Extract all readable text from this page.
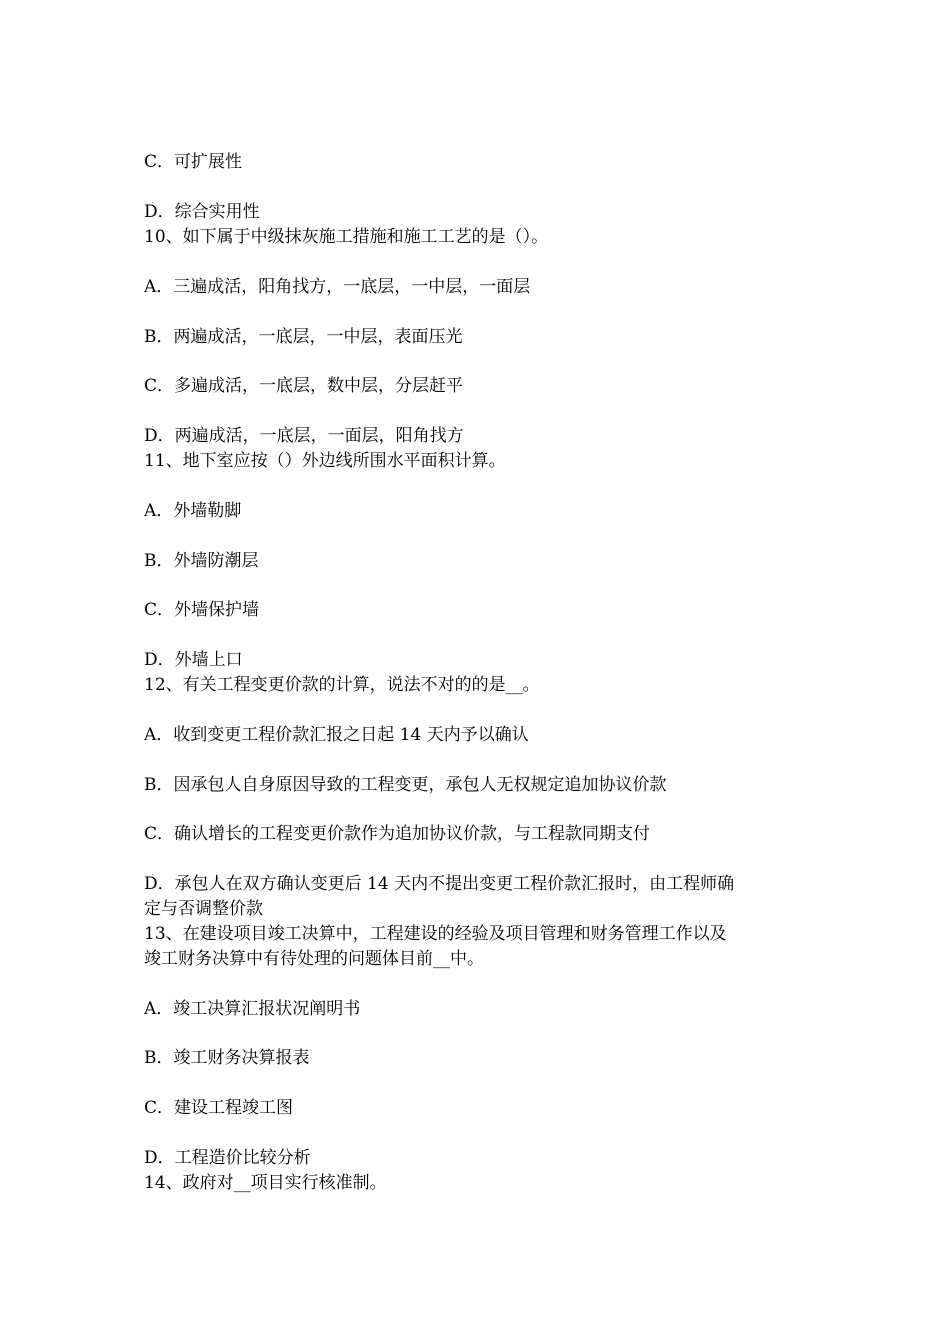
C．可扩展性
D．综合实用性
10、如下属于中级抹灰施工措施和施工工艺的是（）。
A．三遍成活，阳角找方，一底层，一中层，一面层
B．两遍成活，一底层，一中层，表面压光
C．多遍成活，一底层，数中层，分层赶平
D．两遍成活，一底层，一面层，阳角找方
11、地下室应按（）外边线所围水平面积计算。
A．外墙勒脚
B．外墙防潮层
C．外墙保护墙
D．外墙上口
12、有关工程变更价款的计算，说法不对的的是__。
A．收到变更工程价款汇报之日起 14 天内予以确认
B．因承包人自身原因导致的工程变更，承包人无权规定追加协议价款
C．确认增长的工程变更价款作为追加协议价款，与工程款同期支付
D．承包人在双方确认变更后 14 天内不提出变更工程价款汇报时，由工程师确
定与否调整价款
13、在建设项目竣工决算中，工程建设的经验及项目管理和财务管理工作以及
竣工财务决算中有待处理的问题体目前__中。
A．竣工决算汇报状况阐明书
B．竣工财务决算报表
C．建设工程竣工图
D．工程造价比较分析
14、政府对__项目实行核准制。
